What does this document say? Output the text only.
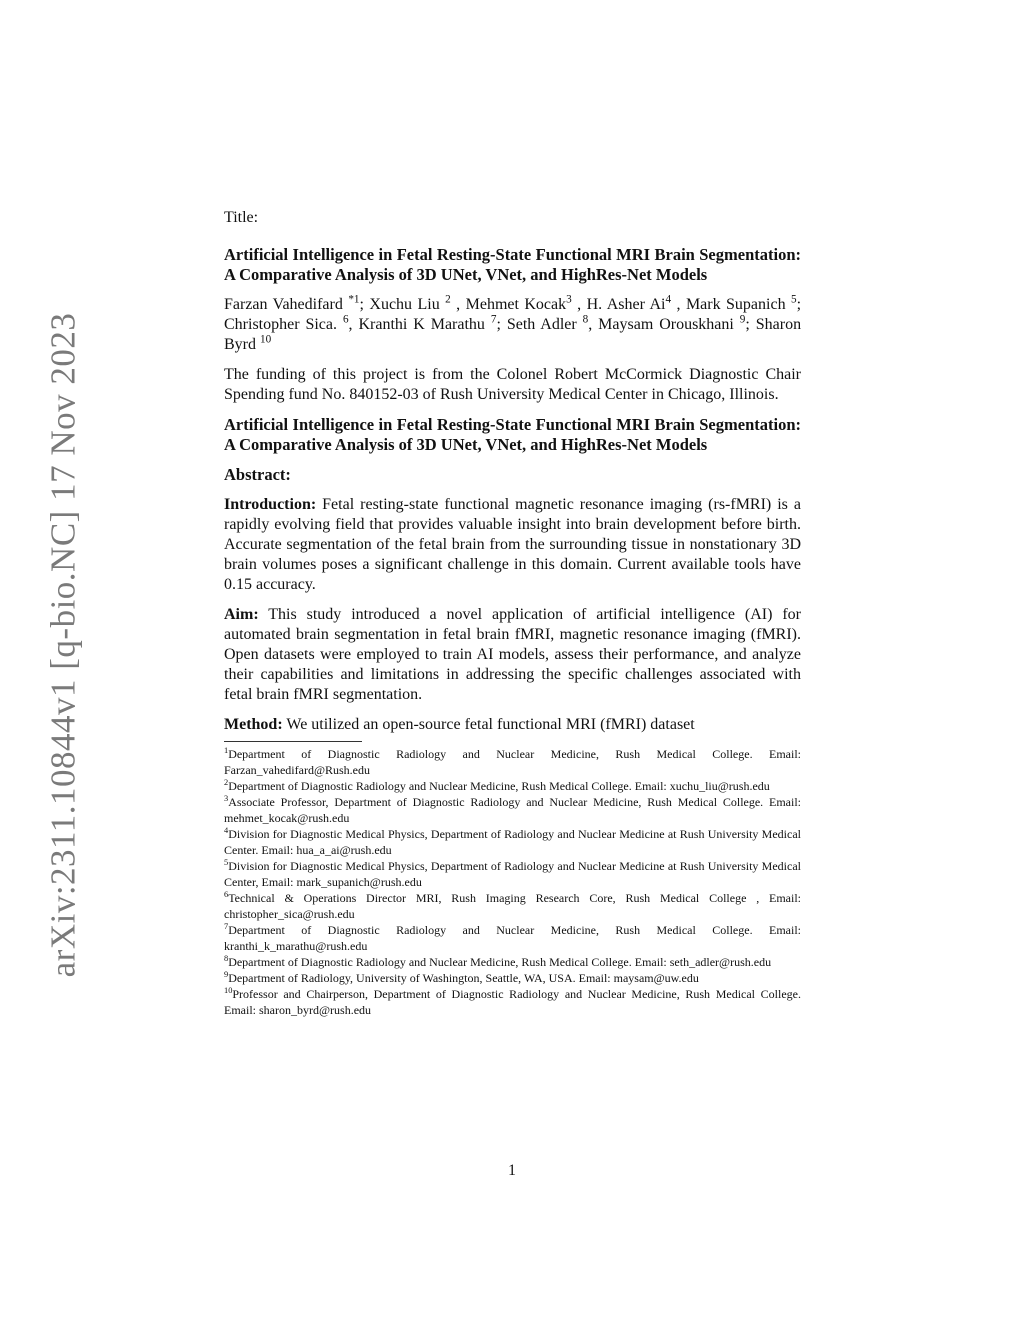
arXiv:2311.10844v1 [q-bio.NC] 17 Nov 2023
Title:
Artificial Intelligence in Fetal Resting-State Functional MRI Brain Segmentation: A Comparative Analysis of 3D UNet, VNet, and HighRes-Net Models
Farzan Vahedifard $^{*1}$; Xuchu Liu $^2$ , Mehmet Kocak$^3$ , H. Asher Ai$^4$ , Mark Supanich $^5$; Christopher Sica. $^6$, Kranthi K Marathu $^7$; Seth Adler $^8$, Maysam Orouskhani $^9$; Sharon Byrd $^{10}$
The funding of this project is from the Colonel Robert McCormick Diagnostic Chair Spending fund No. 840152-03 of Rush University Medical Center in Chicago, Illinois.
Artificial Intelligence in Fetal Resting-State Functional MRI Brain Segmentation: A Comparative Analysis of 3D UNet, VNet, and HighRes-Net Models
Abstract:
Introduction: Fetal resting-state functional magnetic resonance imaging (rs-fMRI) is a rapidly evolving field that provides valuable insight into brain development before birth. Accurate segmentation of the fetal brain from the surrounding tissue in nonstationary 3D brain volumes poses a significant challenge in this domain. Current available tools have 0.15 accuracy.
Aim: This study introduced a novel application of artificial intelligence (AI) for automated brain segmentation in fetal brain fMRI, magnetic resonance imaging (fMRI). Open datasets were employed to train AI models, assess their performance, and analyze their capabilities and limitations in addressing the specific challenges associated with fetal brain fMRI segmentation.
Method: We utilized an open-source fetal functional MRI (fMRI) dataset

$^1$Department of Diagnostic Radiology and Nuclear Medicine, Rush Medical College. Email: Farzan_vahedifard@Rush.edu

$^2$Department of Diagnostic Radiology and Nuclear Medicine, Rush Medical College. Email: xuchu_liu@rush.edu

$^3$Associate Professor, Department of Diagnostic Radiology and Nuclear Medicine, Rush Medical College. Email: mehmet_kocak@rush.edu

$^4$Division for Diagnostic Medical Physics, Department of Radiology and Nuclear Medicine at Rush University Medical Center. Email: hua_a_ai@rush.edu

$^5$Division for Diagnostic Medical Physics, Department of Radiology and Nuclear Medicine at Rush University Medical Center, Email: mark_supanich@rush.edu

$^6$Technical & Operations Director MRI, Rush Imaging Research Core, Rush Medical College , Email: christopher_sica@rush.edu

$^7$Department of Diagnostic Radiology and Nuclear Medicine, Rush Medical College. Email: kranthi_k_marathu@rush.edu

$^8$Department of Diagnostic Radiology and Nuclear Medicine, Rush Medical College. Email: seth_adler@rush.edu

$^9$Department of Radiology, University of Washington, Seattle, WA, USA. Email: maysam@uw.edu

$^{10}$Professor and Chairperson, Department of Diagnostic Radiology and Nuclear Medicine, Rush Medical College. Email: sharon_byrd@rush.edu

1
